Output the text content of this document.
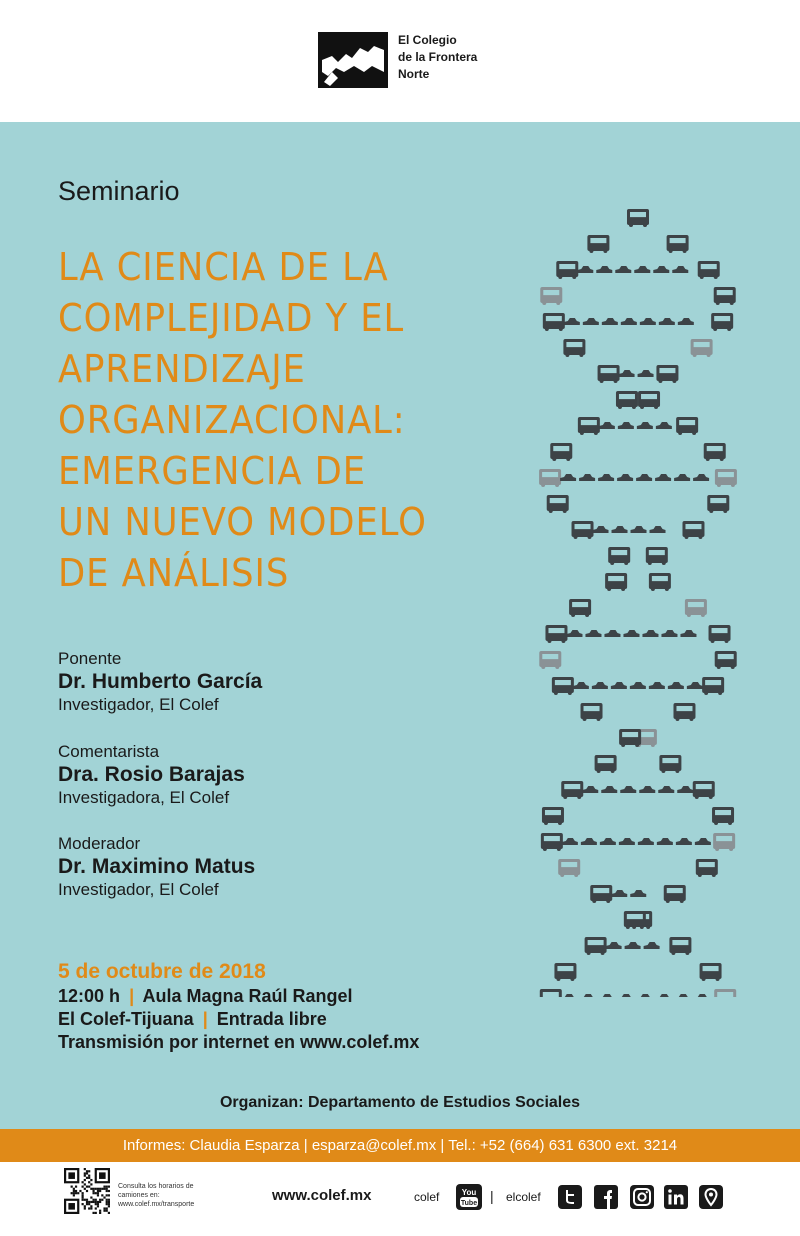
El Colegio
de la Frontera
Norte
Seminario
LA CIENCIA DE LA
COMPLEJIDAD Y EL
APRENDIZAJE
ORGANIZACIONAL:
EMERGENCIA DE
UN NUEVO MODELO
DE ANÁLISIS
Ponente
Dr. Humberto García
Investigador, El Colef
Comentarista
Dra. Rosio Barajas
Investigadora, El Colef
Moderador
Dr. Maximino Matus
Investigador, El Colef
5 de octubre de 2018
12:00 h | Aula Magna Raúl Rangel
El Colef-Tijuana | Entrada libre
Transmisión por internet en www.colef.mx
Organizan: Departamento de Estudios Sociales
Informes: Claudia Esparza | esparza@colef.mx | Tel.: +52 (664) 631 6300 ext. 3214
Consulta los horarios de camiones en: www.colef.mx/transporte
www.colef.mx	colef	You
Tube | elcolef
